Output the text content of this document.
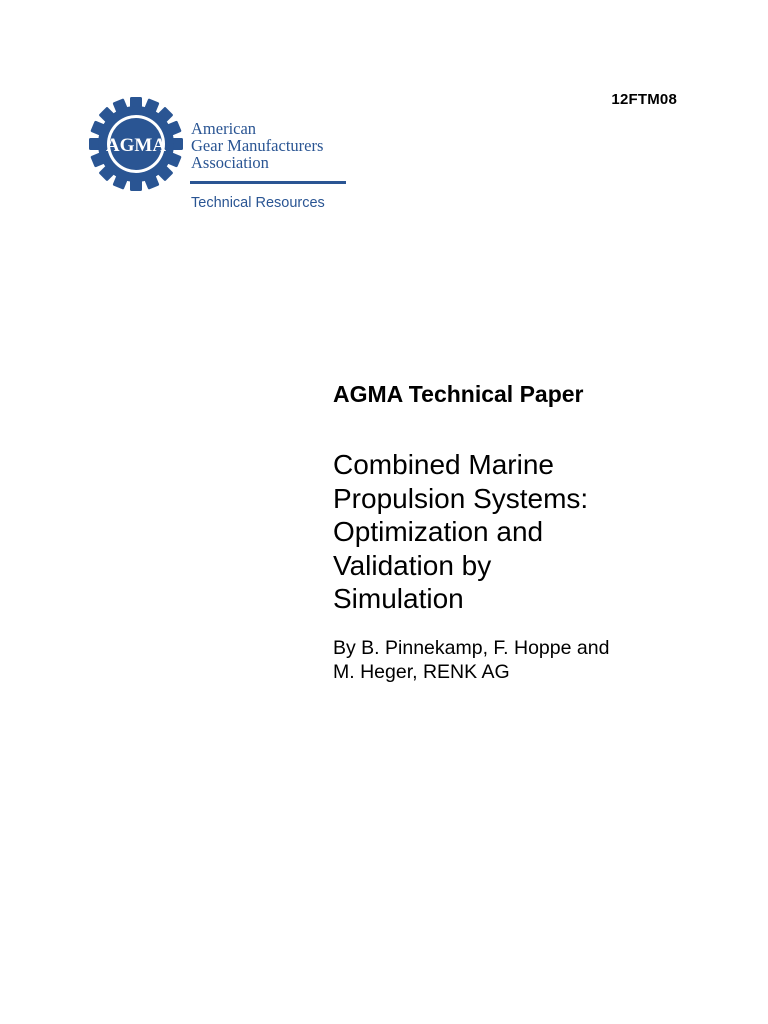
12FTM08
AGMA
American
Gear Manufacturers
Association
Technical Resources
AGMA Technical Paper
Combined Marine
Propulsion Systems:
Optimization and
Validation by
Simulation
By B. Pinnekamp, F. Hoppe and
M. Heger, RENK AG
